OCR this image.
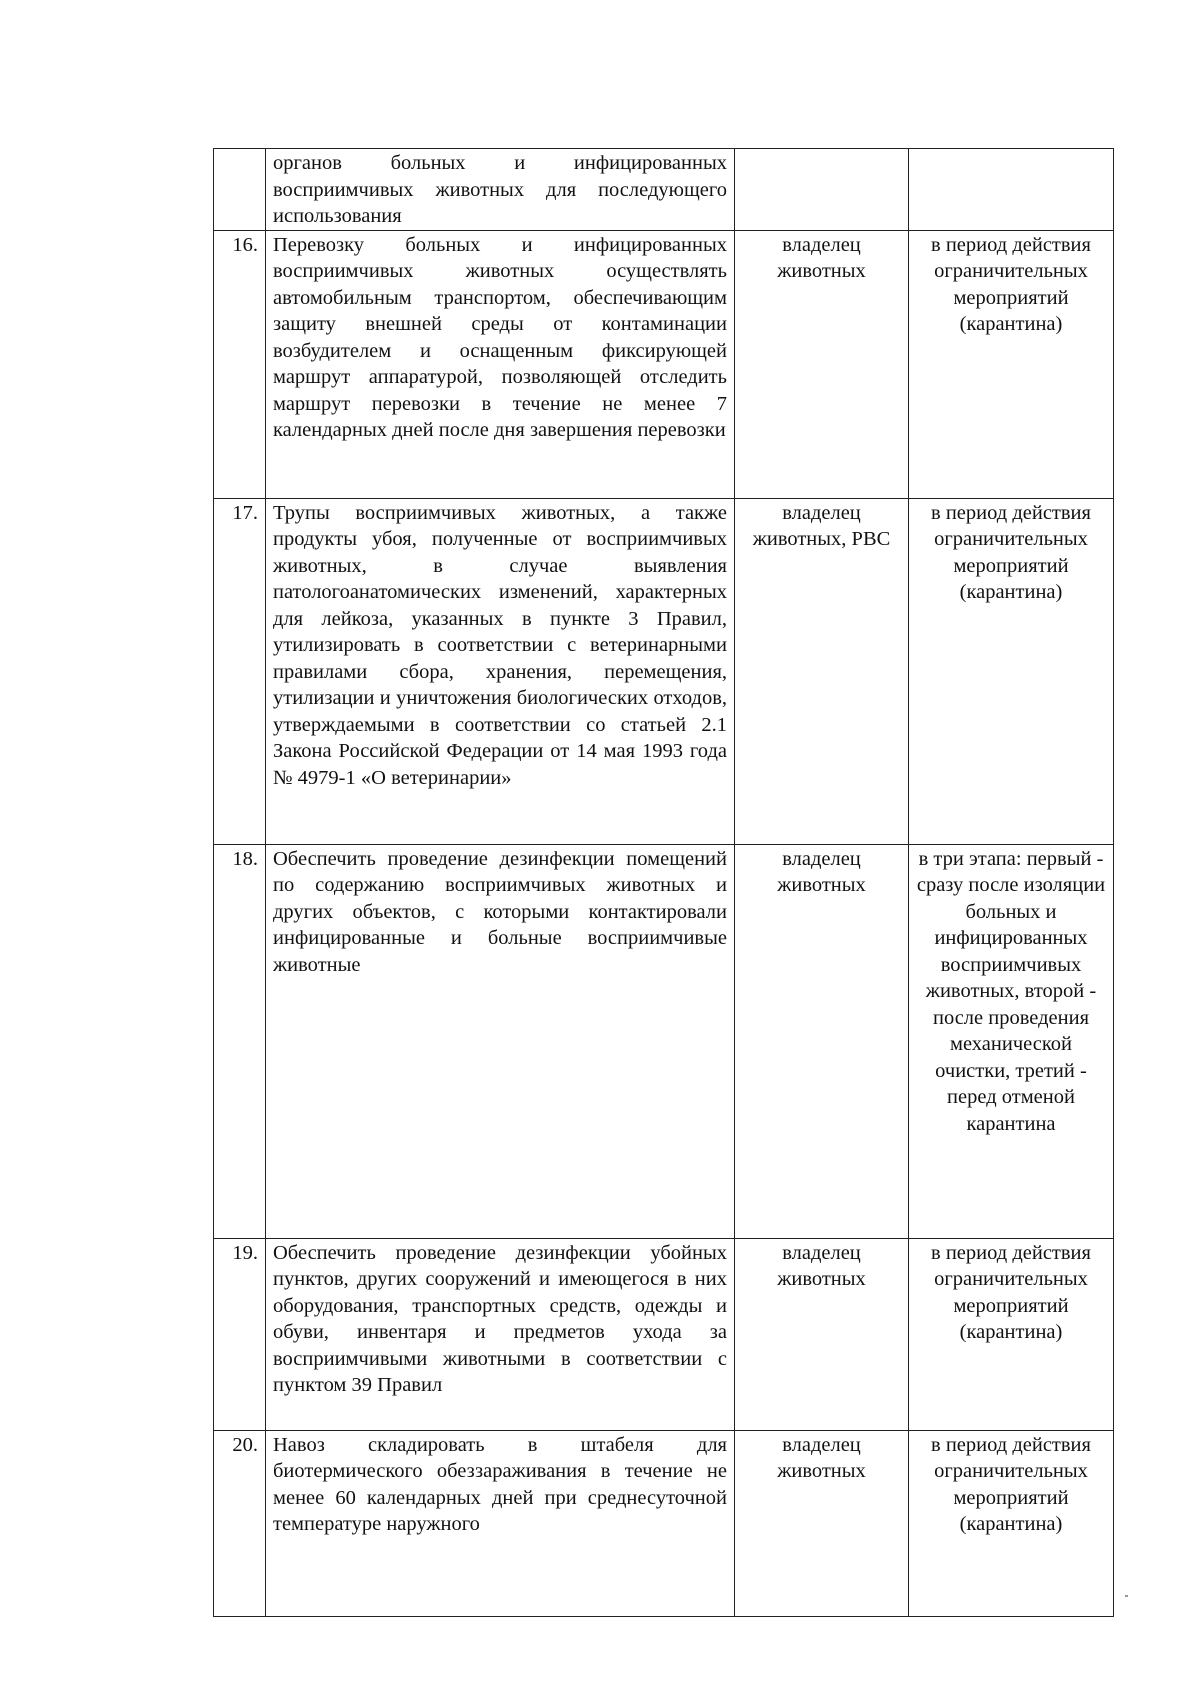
	органов больных и инфицированных восприимчивых животных для последующего использования		
16.	Перевозку больных и инфицированных восприимчивых животных осуществлять автомобильным транспортом, обеспечивающим защиту внешней среды от контаминации возбудителем и оснащенным фиксирующей маршрут аппаратурой, позволяющей отследить маршрут перевозки в течение не менее 7 календарных дней после дня завершения перевозки	владелец животных	в период действия ограничительных мероприятий (карантина)
17.	Трупы восприимчивых животных, а также продукты убоя, полученные от восприимчивых животных, в случае выявления патологоанатомических изменений, характерных для лейкоза, указанных в пункте 3 Правил, утилизировать в соответствии с ветеринарными правилами сбора, хранения, перемещения, утилизации и уничтожения биологических отходов, утверждаемыми в соответствии со статьей 2.1 Закона Российской Федерации от 14 мая 1993 года № 4979-1 «О ветеринарии»	владелец животных, РВС	в период действия ограничительных мероприятий (карантина)
18.	Обеспечить проведение дезинфекции помещений по содержанию восприимчивых животных и других объектов, с которыми контактировали инфицированные и больные восприимчивые животные	владелец животных	в три этапа: первый - сразу после изоляции больных и инфицированных восприимчивых животных, второй - после проведения механической очистки, третий - перед отменой карантина
19.	Обеспечить проведение дезинфекции убойных пунктов, других сооружений и имеющегося в них оборудования, транспортных средств, одежды и обуви, инвентаря и предметов ухода за восприимчивыми животными в соответствии с пунктом 39 Правил	владелец животных	в период действия ограничительных мероприятий (карантина)
20.	Навоз складировать в штабеля для биотермического обеззараживания в течение не менее 60 календарных дней при среднесуточной температуре наружного	владелец животных	в период действия ограничительных мероприятий (карантина)
